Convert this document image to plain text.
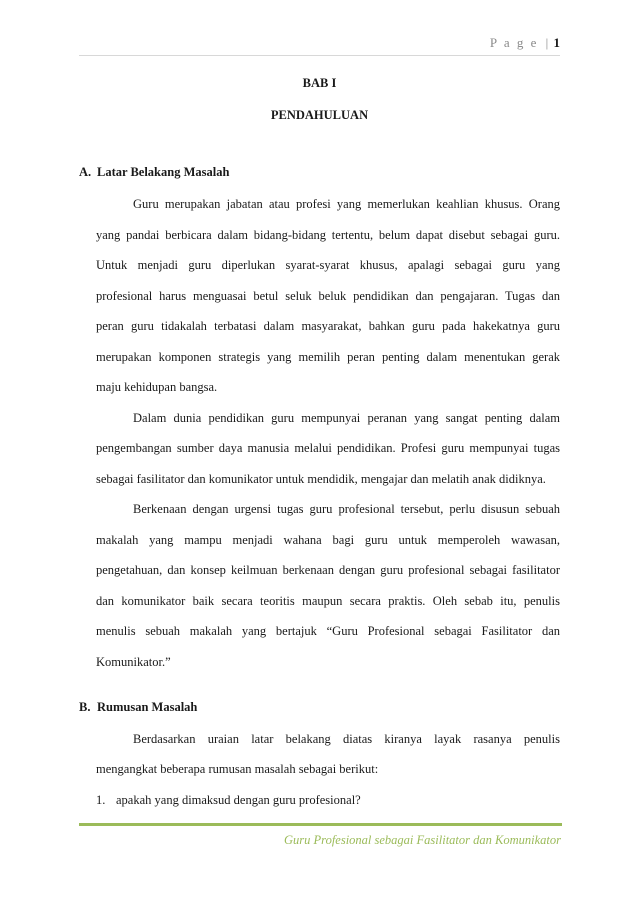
P a g e | 1
BAB I
PENDAHULUAN
A. Latar Belakang Masalah
Guru merupakan jabatan atau profesi yang memerlukan keahlian khusus. Orang
yang pandai berbicara dalam bidang-bidang tertentu, belum dapat disebut sebagai guru.
Untuk menjadi guru diperlukan syarat-syarat khusus, apalagi sebagai guru yang
profesional harus menguasai betul seluk beluk pendidikan dan pengajaran. Tugas dan
peran guru tidakalah terbatasi dalam masyarakat, bahkan guru pada hakekatnya guru
merupakan komponen strategis yang memilih peran penting dalam menentukan gerak
maju kehidupan bangsa.
Dalam dunia pendidikan guru mempunyai peranan yang sangat penting dalam
pengembangan sumber daya manusia melalui pendidikan. Profesi guru mempunyai tugas
sebagai fasilitator dan komunikator untuk mendidik, mengajar dan melatih anak didiknya.
Berkenaan dengan urgensi tugas guru profesional tersebut, perlu disusun sebuah
makalah yang mampu menjadi wahana bagi guru untuk memperoleh wawasan,
pengetahuan, dan konsep keilmuan berkenaan dengan guru profesional sebagai fasilitator
dan komunikator baik secara teoritis maupun secara praktis. Oleh sebab itu, penulis
menulis sebuah makalah yang bertajuk “Guru Profesional sebagai Fasilitator dan
Komunikator.”
B. Rumusan Masalah
Berdasarkan uraian latar belakang diatas kiranya layak rasanya penulis
mengangkat beberapa rumusan masalah sebagai berikut:
1. apakah yang dimaksud dengan guru profesional?
Guru Profesional sebagai Fasilitator dan Komunikator
